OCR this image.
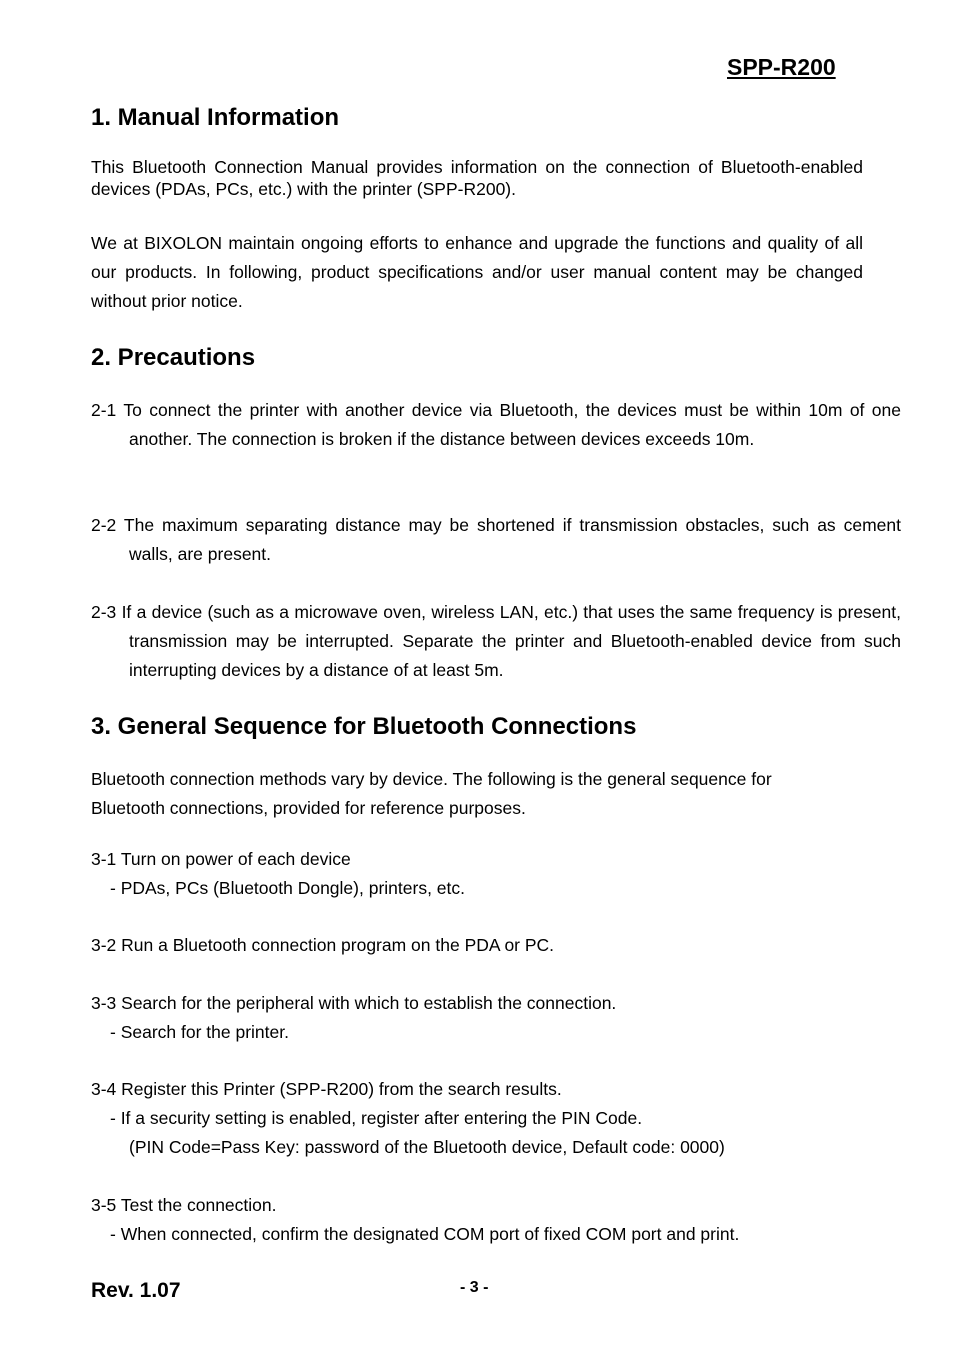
SPP-R200
1. Manual Information
This Bluetooth Connection Manual provides information on the connection of Bluetooth-enabled devices (PDAs, PCs, etc.) with the printer (SPP-R200).
We at BIXOLON maintain ongoing efforts to enhance and upgrade the functions and quality of all our products. In following, product specifications and/or user manual content may be changed without prior notice.
2. Precautions
2-1 To connect the printer with another device via Bluetooth, the devices must be within 10m of one another. The connection is broken if the distance between devices exceeds 10m.
2-2 The maximum separating distance may be shortened if transmission obstacles, such as cement walls, are present.
2-3 If a device (such as a microwave oven, wireless LAN, etc.) that uses the same frequency is present, transmission may be interrupted. Separate the printer and Bluetooth-enabled device from such interrupting devices by a distance of at least 5m.
3. General Sequence for Bluetooth Connections
Bluetooth connection methods vary by device. The following is the general sequence for
Bluetooth connections, provided for reference purposes.
3-1 Turn on power of each device
- PDAs, PCs (Bluetooth Dongle), printers, etc.
3-2 Run a Bluetooth connection program on the PDA or PC.
3-3 Search for the peripheral with which to establish the connection.
- Search for the printer.
3-4 Register this Printer (SPP-R200) from the search results.
- If a security setting is enabled, register after entering the PIN Code.
(PIN Code=Pass Key: password of the Bluetooth device, Default code: 0000)
3-5 Test the connection.
- When connected, confirm the designated COM port of fixed COM port and print.
Rev. 1.07	- 3 -
